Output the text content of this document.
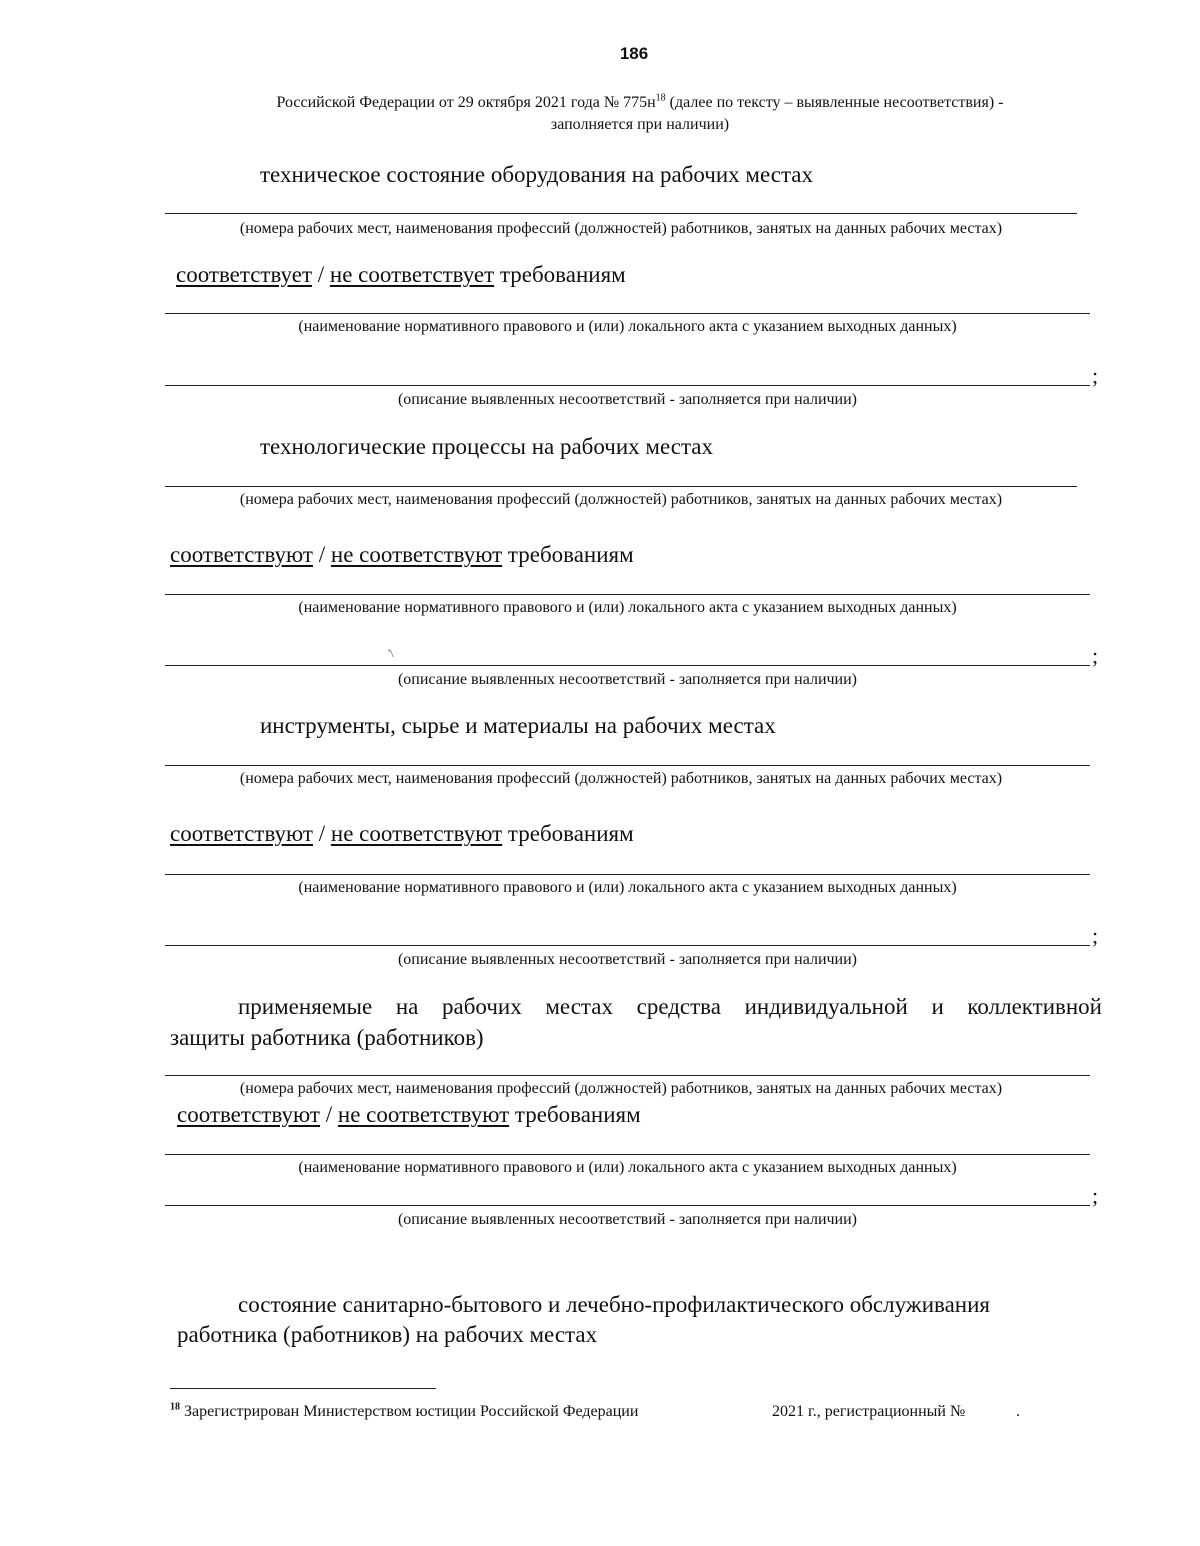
186
Российской Федерации от 29 октября 2021 года № $775н^{18}$ (далее по тексту – выявленные несоответствия) -
заполняется при наличии)
техническое состояние оборудования на рабочих местах
(номера рабочих мест, наименования профессий (должностей) работников, занятых на данных рабочих местах)
соответствует / не соответствует требованиям
(наименование нормативного правового и (или) локального акта с указанием выходных данных)
;
(описание выявленных несоответствий - заполняется при наличии)
технологические процессы на рабочих местах
(номера рабочих мест, наименования профессий (должностей) работников, занятых на данных рабочих местах)
соответствуют / не соответствуют требованиям
(наименование нормативного правового и (или) локального акта с указанием выходных данных)
'\	;
(описание выявленных несоответствий - заполняется при наличии)
инструменты, сырье и материалы на рабочих местах
(номера рабочих мест, наименования профессий (должностей) работников, занятых на данных рабочих местах)
соответствуют / не соответствуют требованиям
(наименование нормативного правового и (или) локального акта с указанием выходных данных)
;
(описание выявленных несоответствий - заполняется при наличии)
применяемые на рабочих местах средства индивидуальной и коллективной
защиты работника (работников)
(номера рабочих мест, наименования профессий (должностей) работников, занятых на данных рабочих местах)
соответствуют / не соответствуют требованиям
(наименование нормативного правового и (или) локального акта с указанием выходных данных)
;
(описание выявленных несоответствий - заполняется при наличии)
состояние санитарно-бытового и лечебно-профилактического обслуживания
работника (работников) на рабочих местах
$^{18}$ Зарегистрирован Министерством юстиции Российской Федерации	2021 г., регистрационный №	.
